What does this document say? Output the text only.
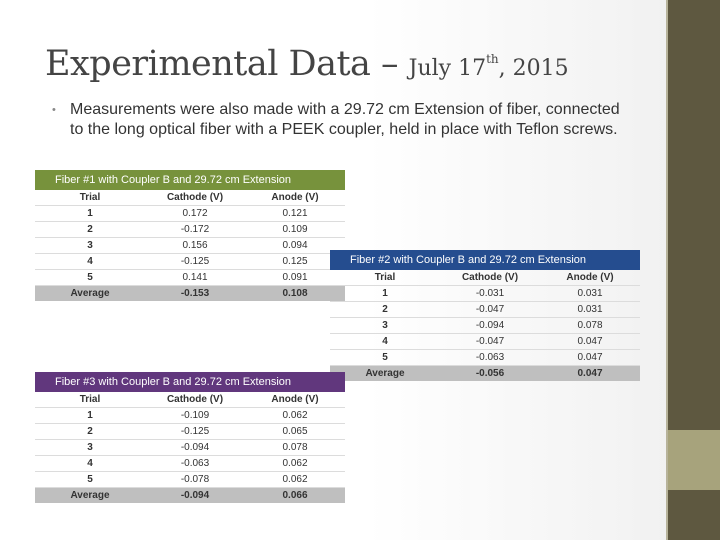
Experimental Data – July 17th, 2015
• Measurements were also made with a 29.72 cm Extension of fiber, connected to the long optical fiber with a PEEK coupler, held in place with Teflon screws.
Fiber #1 with Coupler B and 29.72 cm Extension		
Trial	Cathode (V)	Anode (V)
1	0.172	0.121
2	-0.172	0.109
3	0.156	0.094
4	-0.125	0.125
5	0.141	0.091
Average	-0.153	0.108
Fiber #2 with Coupler B and 29.72 cm Extension		
Trial	Cathode (V)	Anode (V)
1	-0.031	0.031
2	-0.047	0.031
3	-0.094	0.078
4	-0.047	0.047
5	-0.063	0.047
Average	-0.056	0.047
Fiber #3 with Coupler B and 29.72 cm Extension		
Trial	Cathode (V)	Anode (V)
1	-0.109	0.062
2	-0.125	0.065
3	-0.094	0.078
4	-0.063	0.062
5	-0.078	0.062
Average	-0.094	0.066
